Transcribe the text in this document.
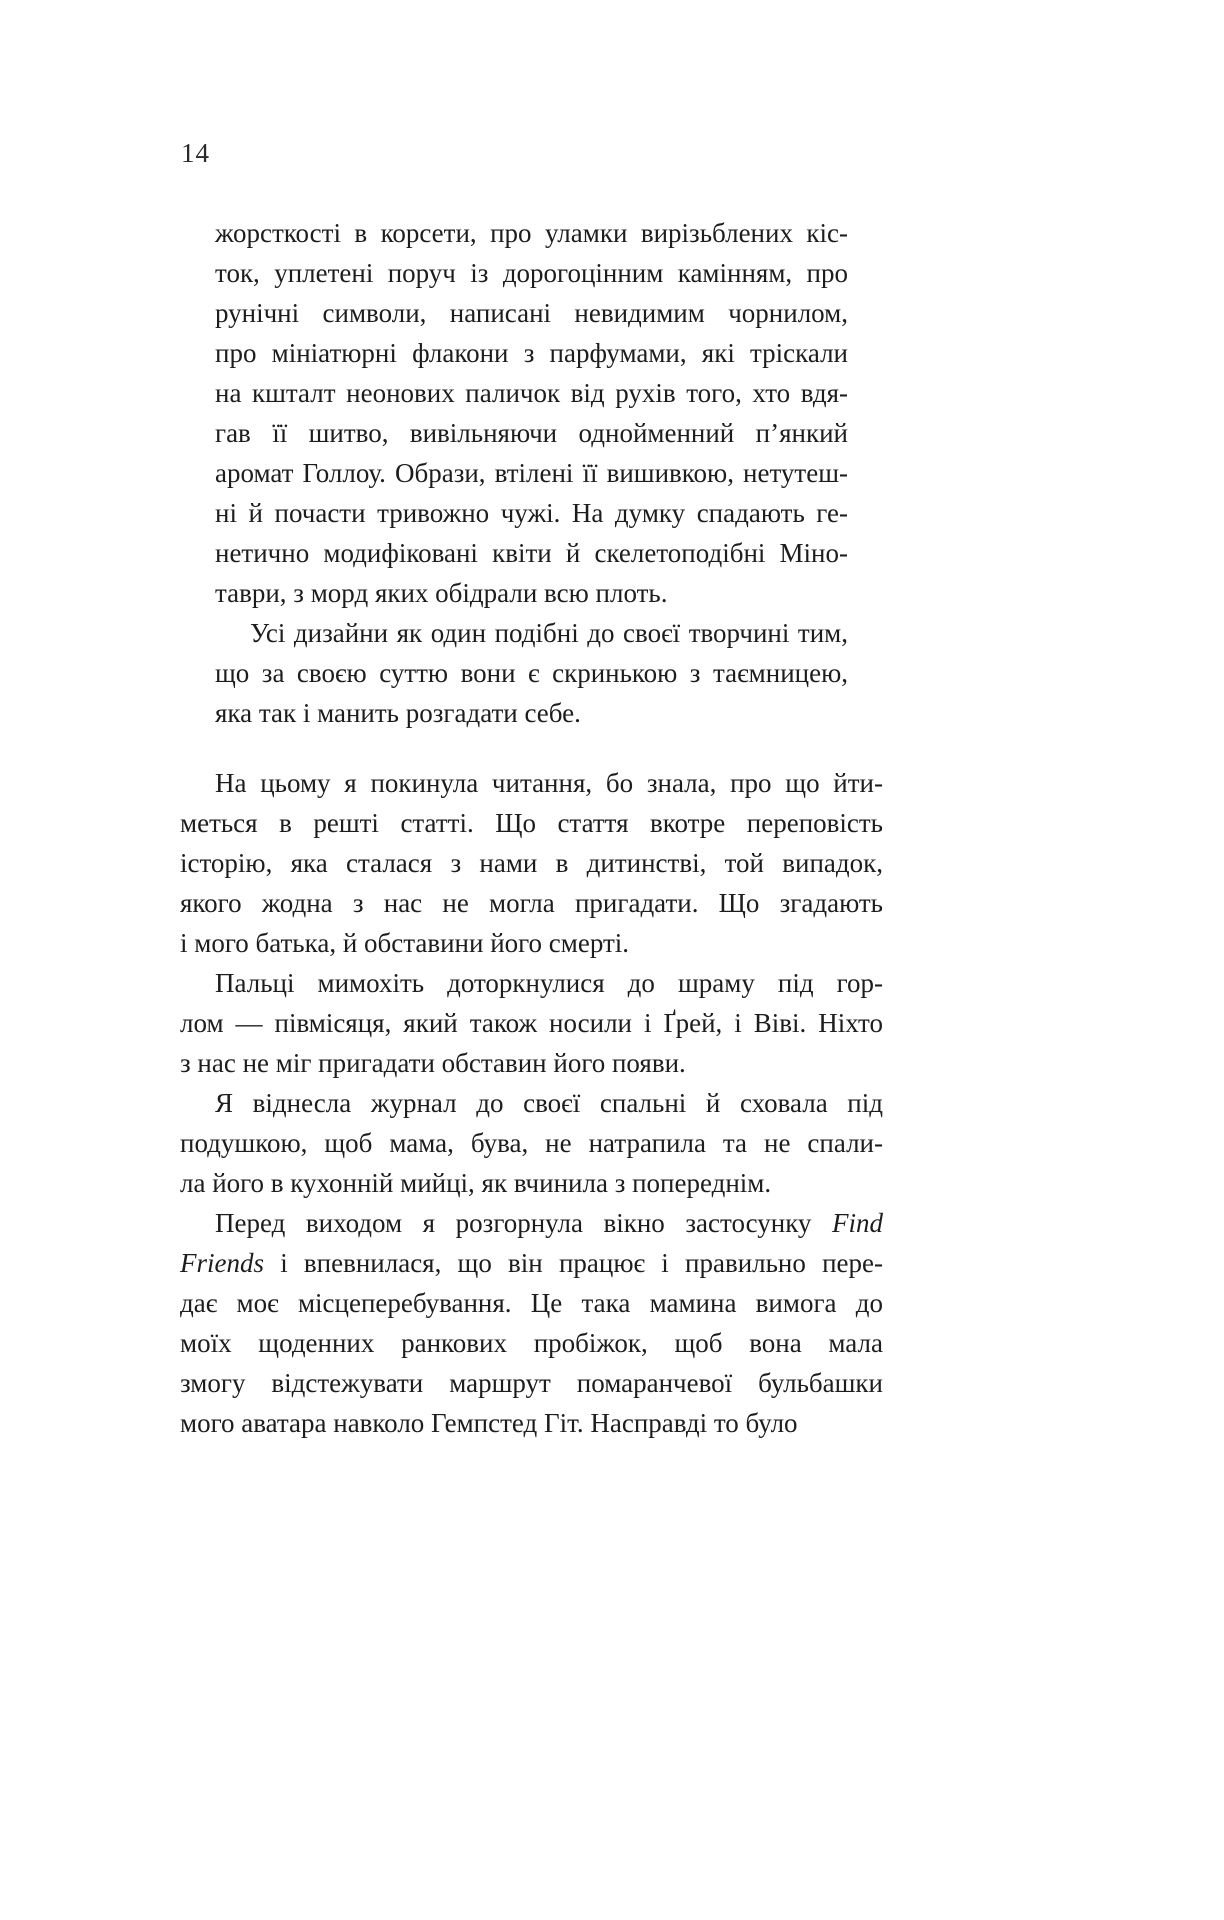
14

жорсткості в корсети, про уламки вирізьблених кіс-
ток, уплетені поруч із дорогоцінним камінням, про
рунічні символи, написані невидимим чорнилом,
про мініатюрні флакони з парфумами, які тріскали
на кшталт неонових паличок від рухів того, хто вдя-
гав її шитво, вивільняючи однойменний п’янкий
аромат Голлоу. Образи, втілені її вишивкою, нетутеш-
ні й почасти тривожно чужі. На думку спадають ге-
нетично модифіковані квіти й скелетоподібні Міно-
таври, з морд яких обідрали всю плоть.

Усі дизайни як один подібні до своєї творчині тим,
що за своєю суттю вони є скринькою з таємницею,
яка так і манить розгадати себе.

На цьому я покинула читання, бо знала, про що йти-
меться в решті статті. Що стаття вкотре переповість
історію, яка сталася з нами в дитинстві, той випадок,
якого жодна з нас не могла пригадати. Що згадають
і мого батька, й обставини його смерті.

Пальці мимохіть доторкнулися до шраму під гор-
лом — півмісяця, який також носили і Ґрей, і Віві. Ніхто
з нас не міг пригадати обставин його появи.

Я віднесла журнал до своєї спальні й сховала під
подушкою, щоб мама, бува, не натрапила та не спали-
ла його в кухонній мийці, як вчинила з попереднім.

Перед виходом я розгорнула вікно застосунку Find
Friends і впевнилася, що він працює і правильно пере-
дає моє місцеперебування. Це така мамина вимога до
моїх щоденних ранкових пробіжок, щоб вона мала
змогу відстежувати маршрут помаранчевої бульбашки
мого аватара навколо Гемпстед Гіт. Насправді то було
